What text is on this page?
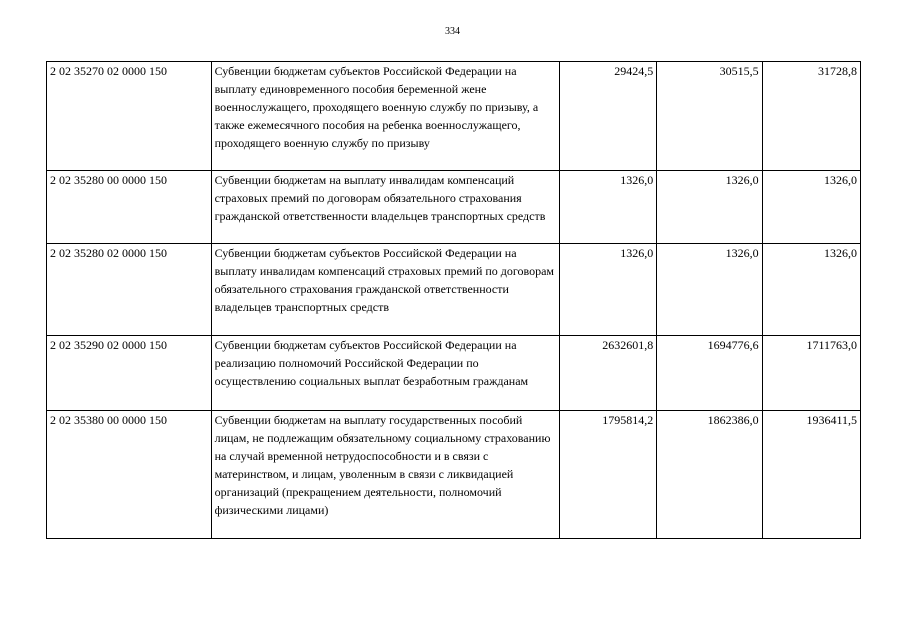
334
2 02 35270 02 0000 150	Субвенции бюджетам субъектов Российской Федерации на выплату единовременного пособия беременной жене военнослужащего, проходящего военную службу по призыву, а также ежемесячного пособия на ребенка военнослужащего, проходящего военную службу по призыву	29424,5	30515,5	31728,8
2 02 35280 00 0000 150	Субвенции бюджетам на выплату инвалидам компенсаций страховых премий по договорам обязательного страхования гражданской ответственности владельцев транспортных средств	1326,0	1326,0	1326,0
2 02 35280 02 0000 150	Субвенции бюджетам субъектов Российской Федерации на выплату инвалидам компенсаций страховых премий по договорам обязательного страхования гражданской ответственности владельцев транспортных средств	1326,0	1326,0	1326,0
2 02 35290 02 0000 150	Субвенции бюджетам субъектов Российской Федерации на реализацию полномочий Российской Федерации по осуществлению социальных выплат безработным гражданам	2632601,8	1694776,6	1711763,0
2 02 35380 00 0000 150	Субвенции бюджетам на выплату государственных пособий лицам, не подлежащим обязательному социальному страхованию на случай временной нетрудоспособности и в связи с материнством, и лицам, уволенным в связи с ликвидацией организаций (прекращением деятельности, полномочий физическими лицами)	1795814,2	1862386,0	1936411,5
